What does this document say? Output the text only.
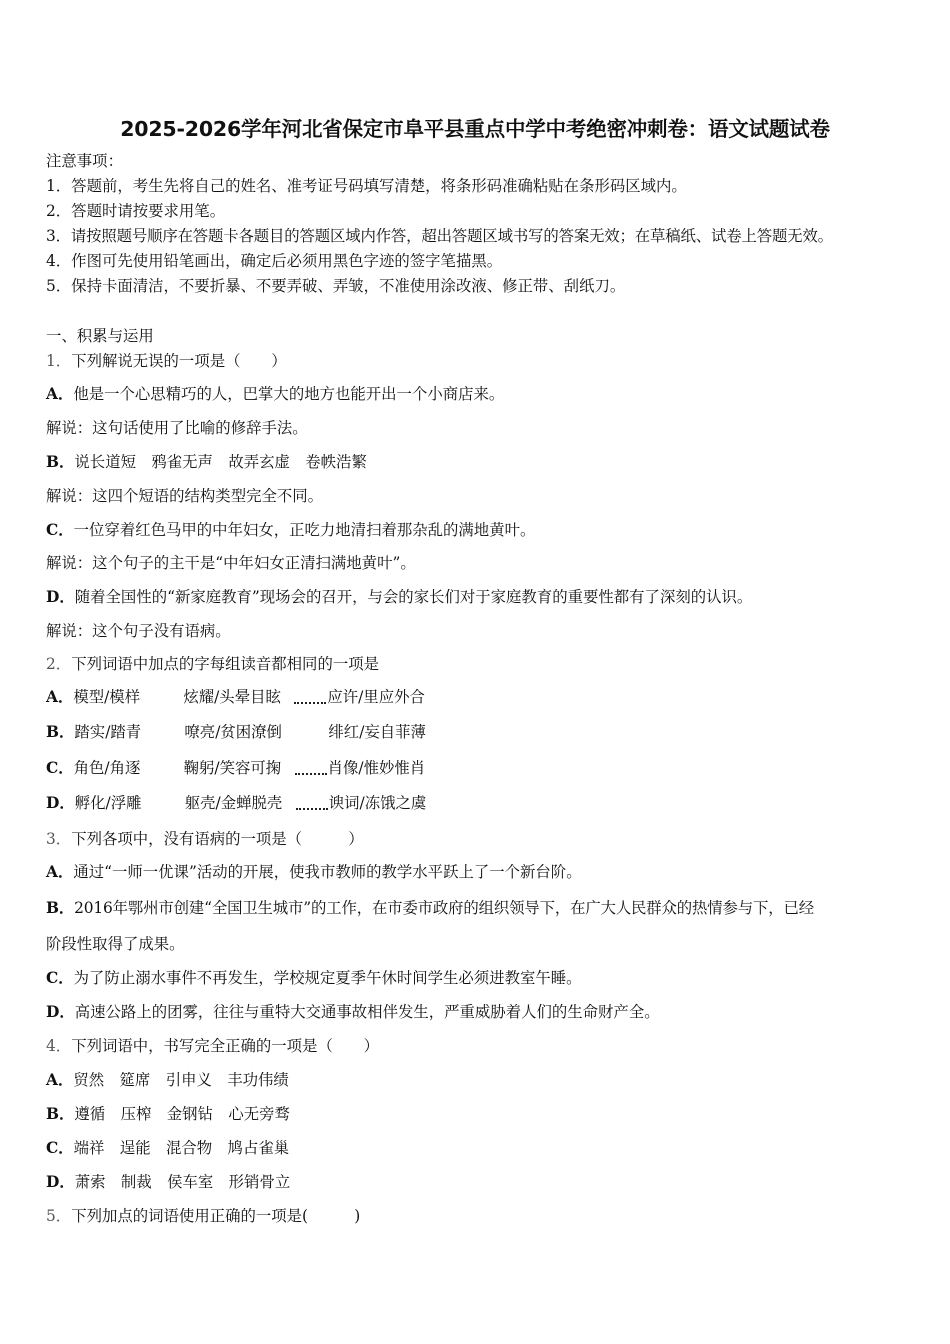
2025-2026学年河北省保定市阜平县重点中学中考绝密冲刺卷：语文试题试卷
注意事项：
1．答题前，考生先将自己的姓名、准考证号码填写清楚，将条形码准确粘贴在条形码区域内。
2．答题时请按要求用笔。
3．请按照题号顺序在答题卡各题目的答题区域内作答，超出答题区域书写的答案无效；在草稿纸、试卷上答题无效。
4．作图可先使用铅笔画出，确定后必须用黑色字迹的签字笔描黑。
5．保持卡面清洁，不要折暴、不要弄破、弄皱，不准使用涂改液、修正带、刮纸刀。
一、积累与运用
1．下列解说无误的一项是（　　）
A．他是一个心思精巧的人，巴掌大的地方也能开出一个小商店来。
解说：这句话使用了比喻的修辞手法。
B．说长道短　鸦雀无声　故弄玄虚　卷帙浩繁
解说：这四个短语的结构类型完全不同。
C．一位穿着红色马甲的中年妇女，正吃力地清扫着那杂乱的满地黄叶。
解说：这个句子的主干是“中年妇女正清扫满地黄叶”。
D．随着全国性的“新家庭教育”现场会的召开，与会的家长们对于家庭教育的重要性都有了深刻的认识。
解说：这个句子没有语病。
2．下列词语中加点的字每组读音都相同的一项是
A．模型/模样	炫耀/头晕目眩	应许/里应外合
B．踏实/踏青	嘹亮/贫困潦倒	绯红/妄自菲薄
C．角色/角逐	鞠躬/笑容可掬	肖像/惟妙惟肖
D．孵化/浮雕	躯壳/金蝉脱壳	谀词/冻饿之虞
3．下列各项中，没有语病的一项是（　　　）
A．通过“一师一优课”活动的开展，使我市教师的教学水平跃上了一个新台阶。
B．2016年鄂州市创建“全国卫生城市”的工作，在市委市政府的组织领导下，在广大人民群众的热情参与下，已经
阶段性取得了成果。
C．为了防止溺水事件不再发生，学校规定夏季午休时间学生必须进教室午睡。
D．高速公路上的团雾，往往与重特大交通事故相伴发生，严重威胁着人们的生命财产全。
4．下列词语中，书写完全正确的一项是（　　）
A．贸然　筵席　引申义　丰功伟绩
B．遵循　压榨　金钢钻　心无旁骛
C．端祥　逞能　混合物　鸠占雀巢
D．萧索　制裁　侯车室　形销骨立
5．下列加点的词语使用正确的一项是(　　　)
